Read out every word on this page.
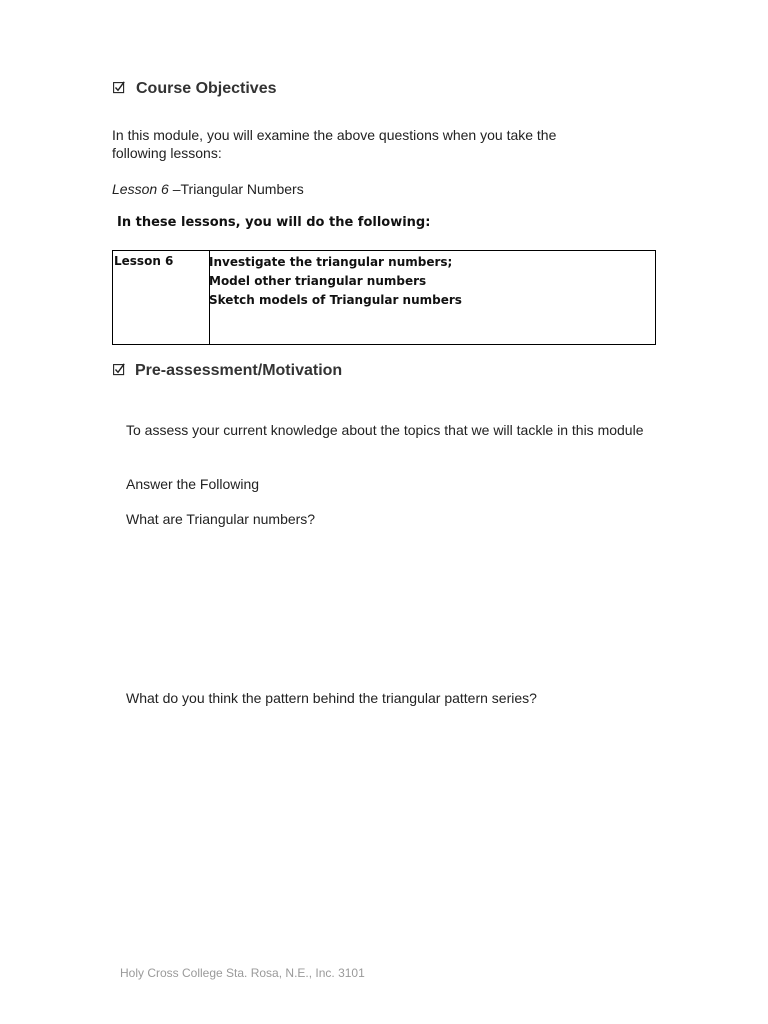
Course Objectives
In this module, you will examine the above questions when you take the
following lessons:
Lesson 6 –Triangular Numbers
In these lessons, you will do the following:
Lesson 6	Investigate the triangular numbers;
Model other triangular numbers
Sketch models of Triangular numbers
Pre-assessment/Motivation
To assess your current knowledge about the topics that we will tackle in this module
Answer the Following
What are Triangular numbers?
What do you think the pattern behind the triangular pattern series?
Holy Cross College Sta. Rosa, N.E., Inc. 3101
